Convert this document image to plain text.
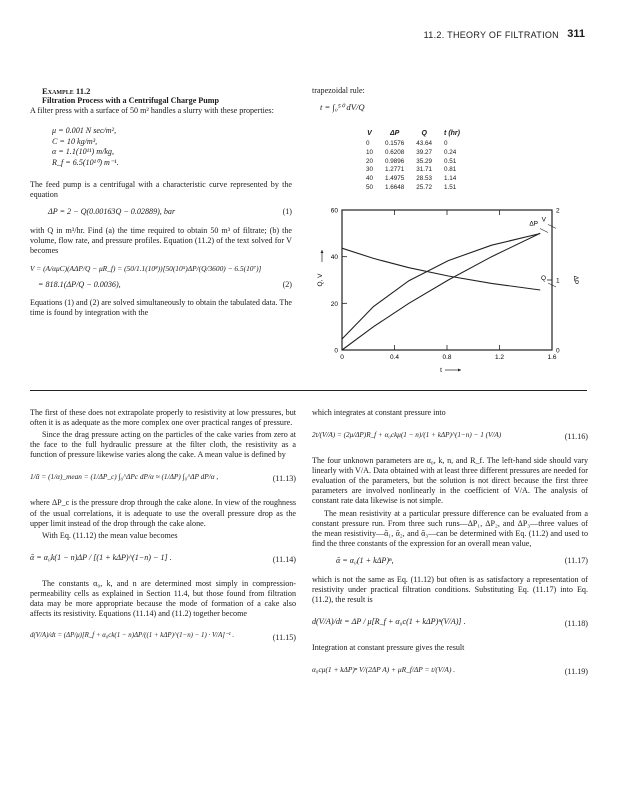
11.2. THEORY OF FILTRATION 311
Example 11.2
Filtration Process with a Centrifugal Charge Pump
A filter press with a surface of 50 m² handles a slurry with these properties:
μ = 0.001 N sec/m²,
C = 10 kg/m³,
α = 1.1(10¹¹) m/kg,
R_f = 6.5(10¹⁰) m⁻¹.
The feed pump is a centrifugal with a characteristic curve represented by the equation
ΔP = 2 − Q(0.00163Q − 0.02889), bar	(1)
with Q in m³/hr. Find (a) the time required to obtain 50 m³ of filtrate; (b) the volume, flow rate, and pressure profiles. Equation (11.2) of the text solved for V becomes
V = (A/αμC)(AΔP/Q − μR_f) = (50/1.1(10⁸))[50(10⁵)ΔP/(Q/3600) − 6.5(10⁷)]
= 818.1(ΔP/Q − 0.0036),	(2)
Equations (1) and (2) are solved simultaneously to obtain the tabulated data. The time is found by integration with the
trapezoidal rule:
t = ∫₀⁵⁰ dV/Q
V	ΔP	Q	t (hr)
0	0.1576	43.64	0
10	0.6208	39.27	0.24
20	0.9896	35.29	0.51
30	1.2771	31.71	0.81
40	1.4975	28.53	1.14
50	1.6648	25.72	1.51
0	0.4	0.8	1.2	1.6
0
20
40
60
0
1
2
Q, V	ΔP
t
V
Q
ΔP
The first of these does not extrapolate properly to resistivity at low pressures, but often it is as adequate as the more complex one over practical ranges of pressure.
Since the drag pressure acting on the particles of the cake varies from zero at the face to the full hydraulic pressure at the filter cloth, the resistivity as a function of pressure likewise varies along the cake. A mean value is defined by
1/ᾱ = (1/α)_mean = (1/ΔP_c) ∫₀^ΔPc dP/α ≈ (1/ΔP) ∫₀^ΔP dP/α ,	(11.13)
where ΔP_c is the pressure drop through the cake alone. In view of the roughness of the usual correlations, it is adequate to use the overall pressure drop as the upper limit instead of the drop through the cake alone.
With Eq. (11.12) the mean value becomes
ᾱ = α₀k(1 − n)ΔP / [(1 + kΔP)^(1−n) − 1] .	(11.14)
The constants α₀, k, and n are determined most simply in compression-permeability cells as explained in Section 11.4, but those found from filtration data may be more appropriate because the mode of formation of a cake also affects its resistivity. Equations (11.14) and (11.2) together become
d(V/A)/dt = (ΔP/μ)[R_f + α₀ck(1 − n)ΔP/((1 + kΔP)^(1−n) − 1) · V/A]⁻¹ .	(11.15)
which integrates at constant pressure into
2t/(V/A) = (2μ/ΔP)R_f + α₀ckμ(1 − n)/(1 + kΔP)^(1−n) − 1 (V/A)	(11.16)
The four unknown parameters are α₀, k, n, and R_f. The left-hand side should vary linearly with V/A. Data obtained with at least three different pressures are needed for evaluation of the parameters, but the solution is not direct because the first three parameters are involved nonlinearly in the coefficient of V/A. The analysis of constant rate data likewise is not simple.
The mean resistivity at a particular pressure difference can be evaluated from a constant pressure run. From three such runs—ΔP₁, ΔP₂, and ΔP₃—three values of the mean resistivity—ᾱ₁, ᾱ₂, and ᾱ₃—can be determined with Eq. (11.2) and used to find the three constants of the expression for an overall mean value,
ᾱ = α₀(1 + kΔP)ⁿ,	(11.17)
which is not the same as Eq. (11.12) but often is as satisfactory a representation of resistivity under practical filtration conditions. Substituting Eq. (11.17) into Eq. (11.2), the result is
d(V/A)/dt = ΔP / μ[R_f + α₀c(1 + kΔP)ⁿ(V/A)] .	(11.18)
Integration at constant pressure gives the result
α₀cμ(1 + kΔP)ⁿ V/(2ΔP A) + μR_f/ΔP = t/(V/A) .	(11.19)
